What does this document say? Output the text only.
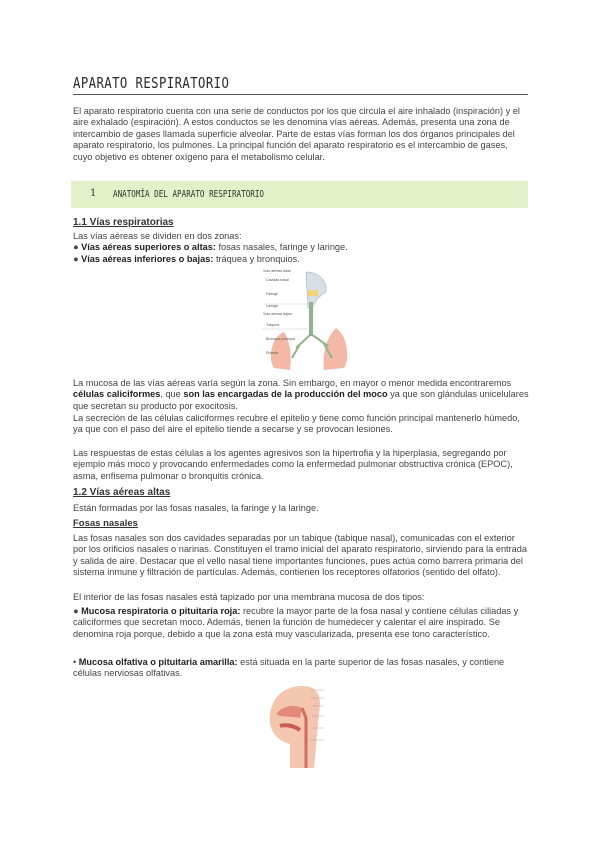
APARATO RESPIRATORIO
El aparato respiratorio cuenta con una serie de conductos por los que circula el aire inhalado (inspiración) y el aire exhalado (espiración). A estos conductos se les denomina vías aéreas. Además, presenta una zona de intercambio de gases llamada superficie alveolar. Parte de estas vías forman los dos órganos principales del aparato respiratorio, los pulmones. La principal función del aparato respiratorio es el intercambio de gases, cuyo objetivo es obtener oxígeno para el metabolismo celular.
1 ANATOMÍA DEL APARATO RESPIRATORIO
1.1 Vías respiratorias
Las vías aéreas se dividen en dos zonas:
● Vías aéreas superiores o altas: fosas nasales, faringe y laringe.
● Vías aéreas inferiores o bajas: tráquea y bronquios.
Vías aéreas altas
Cavidad nasal
Faringe
Laringe
Vías aéreas bajas
Tráquea
Bronquio principal
Pulmón
La mucosa de las vías aéreas varía según la zona. Sin embargo, en mayor o menor medida encontraremos células caliciformes, que son las encargadas de la producción del moco ya que son glándulas unicelulares que secretan su producto por exocitosis.
La secreción de las células caliciformes recubre el epitelio y tiene como función principal mantenerlo húmedo, ya que con el paso del aire el epitelio tiende a secarse y se provocan lesiones.
Las respuestas de estas células a los agentes agresivos son la hipertrofia y la hiperplasia, segregando por ejemplo más moco y provocando enfermedades como la enfermedad pulmonar obstructiva crónica (EPOC), asma, enfisema pulmonar o bronquitis crónica.
1.2 Vías aéreas altas
Están formadas por las fosas nasales, la faringe y la laringe.
Fosas nasales
Las fosas nasales son dos cavidades separadas por un tabique (tabique nasal), comunicadas con el exterior por los orificios nasales o narinas. Constituyen el tramo inicial del aparato respiratorio, sirviendo para la entrada y salida de aire. Destacar que el vello nasal tiene importantes funciones, pues actúa como barrera primaria del sistema inmune y filtración de partículas. Además, contienen los receptores olfatorios (sentido del olfato).
El interior de las fosas nasales está tapizado por una membrana mucosa de dos tipos:
● Mucosa respiratoria o pituitaria roja: recubre la mayor parte de la fosa nasal y contiene células ciliadas y caliciformes que secretan moco. Además, tienen la función de humedecer y calentar el aire inspirado. Se denomina roja porque, debido a que la zona está muy vascularizada, presenta ese tono característico.
• Mucosa olfativa o pituitaria amarilla: está situada en la parte superior de las fosas nasales, y contiene células nerviosas olfativas.
